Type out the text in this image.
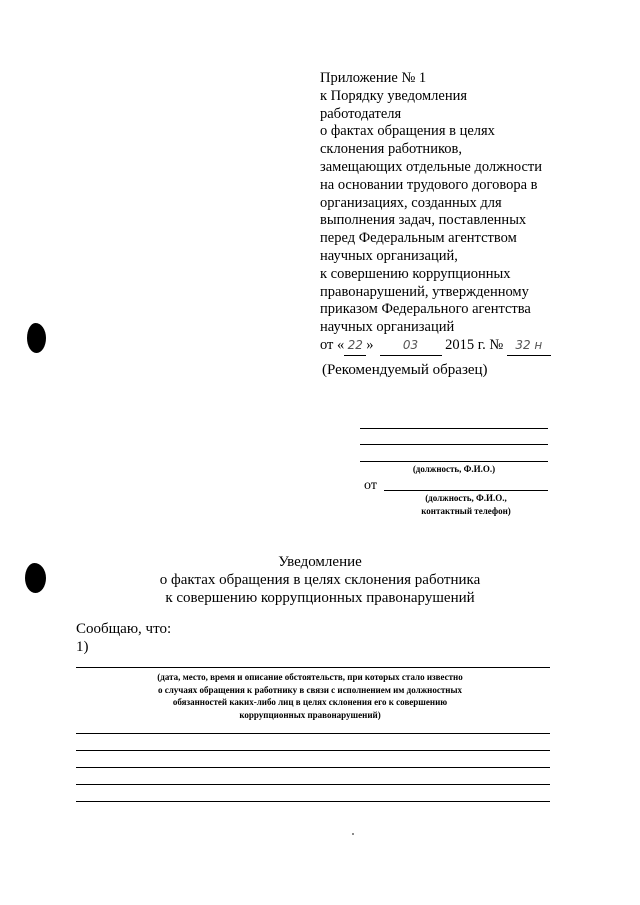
Приложение № 1
к Порядку уведомления
работодателя
о фактах обращения в целях
склонения работников,
замещающих отдельные должности
на основании трудового договора в
организациях, созданных для
выполнения задач, поставленных
перед Федеральным агентством
научных организаций,
к совершению коррупционных
правонарушений, утвержденному
приказом Федерального агентства
научных организаций
от « 22 » 03 2015 г. № 32 н
(Рекомендуемый образец)
(должность, Ф.И.О.)
от
(должность, Ф.И.О.,
контактный телефон)
Уведомление
о фактах обращения в целях склонения работника
к совершению коррупционных правонарушений
Сообщаю, что:
1)
(дата, место, время и описание обстоятельств, при которых стало известно
о случаях обращения к работнику в связи с исполнением им должностных
обязанностей каких-либо лиц в целях склонения его к совершению
коррупционных правонарушений)
